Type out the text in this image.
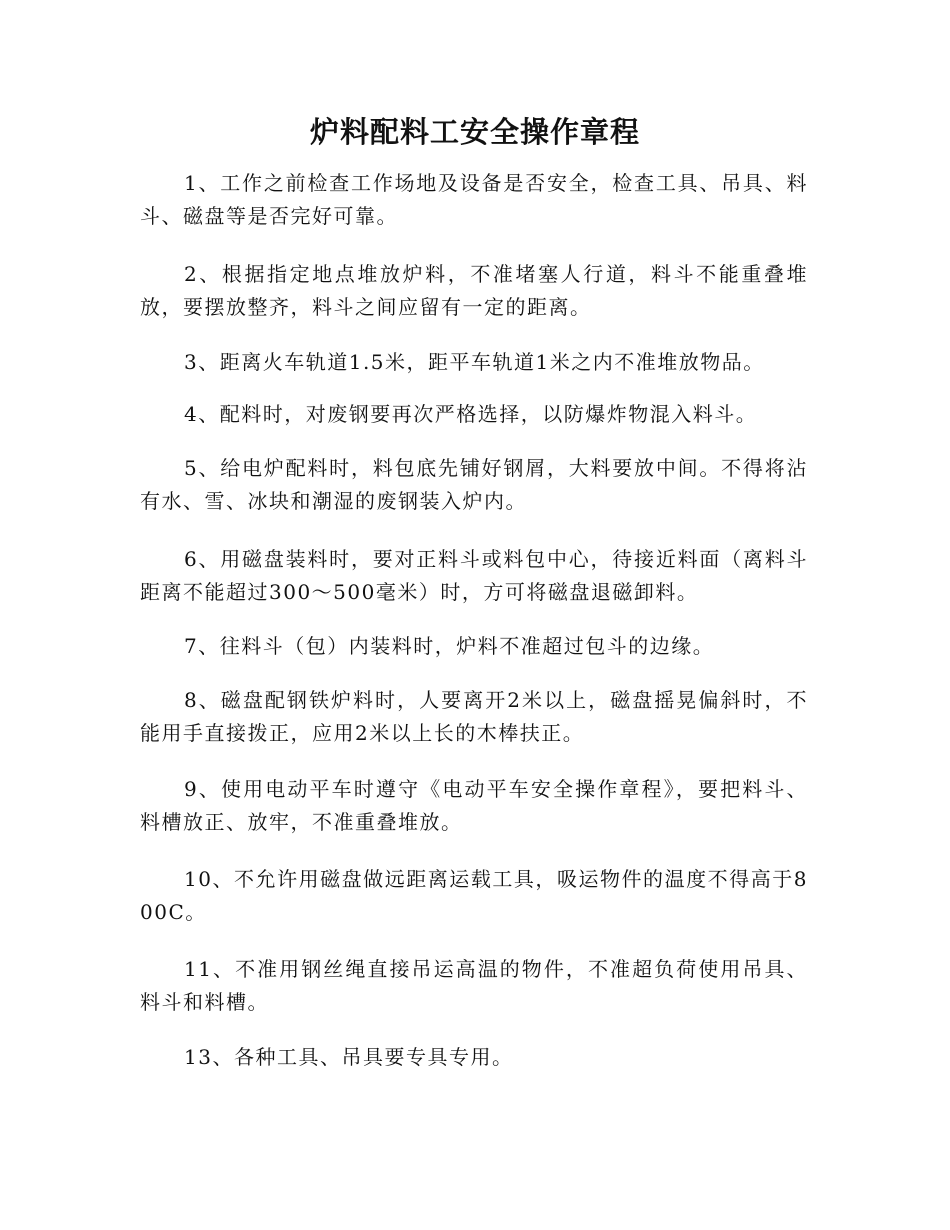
炉料配料工安全操作章程

1、工作之前检查工作场地及设备是否安全，检查工具、吊具、料斗、磁盘等是否完好可靠。

2、根据指定地点堆放炉料，不准堵塞人行道，料斗不能重叠堆放，要摆放整齐，料斗之间应留有一定的距离。

3、距离火车轨道1.5米，距平车轨道1米之内不准堆放物品。

4、配料时，对废钢要再次严格选择，以防爆炸物混入料斗。

5、给电炉配料时，料包底先铺好钢屑，大料要放中间。不得将沾有水、雪、冰块和潮湿的废钢装入炉内。

6、用磁盘装料时，要对正料斗或料包中心，待接近料面（离料斗距离不能超过300～500毫米）时，方可将磁盘退磁卸料。

7、往料斗（包）内装料时，炉料不准超过包斗的边缘。

8、磁盘配钢铁炉料时，人要离开2米以上，磁盘摇晃偏斜时，不能用手直接拨正，应用2米以上长的木棒扶正。

9、使用电动平车时遵守《电动平车安全操作章程》，要把料斗、料槽放正、放牢，不准重叠堆放。

10、不允许用磁盘做远距离运载工具，吸运物件的温度不得高于800C。

11、不准用钢丝绳直接吊运高温的物件，不准超负荷使用吊具、料斗和料槽。

13、各种工具、吊具要专具专用。
